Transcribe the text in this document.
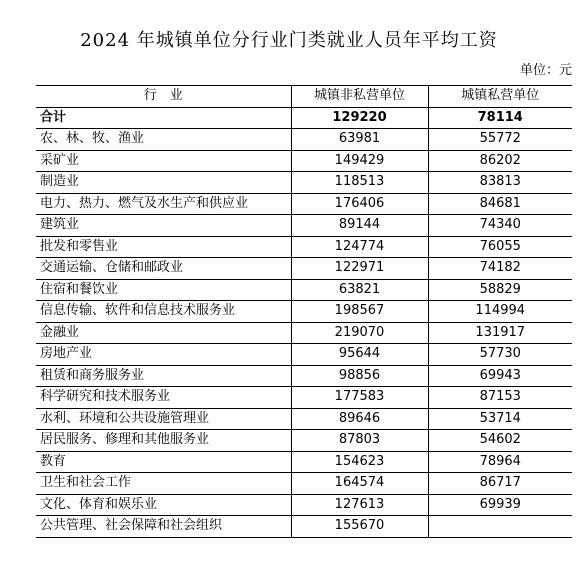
2024 年城镇单位分行业门类就业人员年平均工资
单位：元
行　业	城镇非私营单位	城镇私营单位
合计	129220	78114
农、林、牧、渔业	63981	55772
采矿业	149429	86202
制造业	118513	83813
电力、热力、燃气及水生产和供应业	176406	84681
建筑业	89144	74340
批发和零售业	124774	76055
交通运输、仓储和邮政业	122971	74182
住宿和餐饮业	63821	58829
信息传输、软件和信息技术服务业	198567	114994
金融业	219070	131917
房地产业	95644	57730
租赁和商务服务业	98856	69943
科学研究和技术服务业	177583	87153
水利、环境和公共设施管理业	89646	53714
居民服务、修理和其他服务业	87803	54602
教育	154623	78964
卫生和社会工作	164574	86717
文化、体育和娱乐业	127613	69939
公共管理、社会保障和社会组织	155670	
